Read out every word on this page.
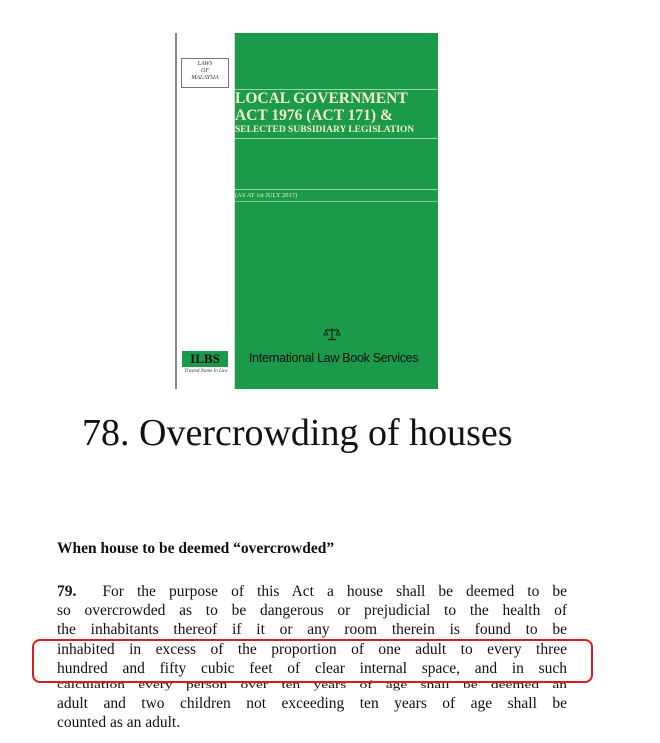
LAWS
OF
MALAYSIA
ILBS
Trusted Name In Law
LOCAL GOVERNMENT
ACT 1976 (ACT 171) &
SELECTED SUBSIDIARY LEGISLATION
(AS AT 1st JULY 2017)
International Law Book Services
78. Overcrowding of houses
When house to be deemed “overcrowded”
79. For the purpose of this Act a house shall be deemed to be
so overcrowded as to be dangerous or prejudicial to the health of
the inhabitants thereof if it or any room therein is found to be
inhabited in excess of the proportion of one adult to every three
hundred and fifty cubic feet of clear internal space, and in such
calculation every person over ten years of age shall be deemed an
adult and two children not exceeding ten years of age shall be
counted as an adult.
